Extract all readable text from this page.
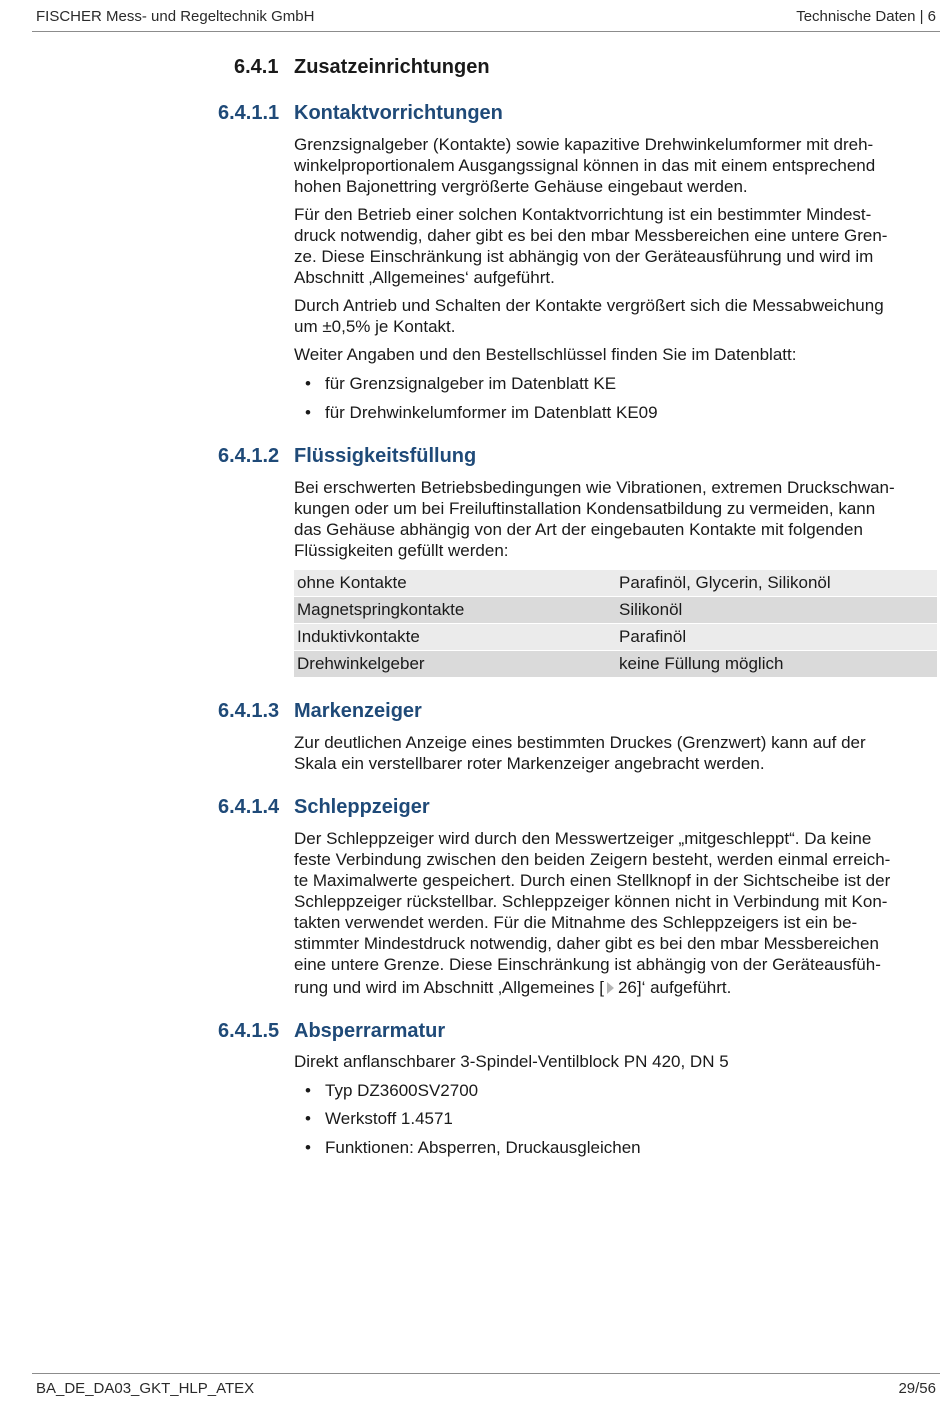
FISCHER Mess- und Regeltechnik GmbH	Technische Daten | 6
6.4.1 Zusatzeinrichtungen
6.4.1.1 Kontaktvorrichtungen
Grenzsignalgeber (Kontakte) sowie kapazitive Drehwinkelumformer mit dreh-
winkelproportionalem Ausgangssignal können in das mit einem entsprechend
hohen Bajonettring vergrößerte Gehäuse eingebaut werden.
Für den Betrieb einer solchen Kontaktvorrichtung ist ein bestimmter Mindest-
druck notwendig, daher gibt es bei den mbar Messbereichen eine untere Gren-
ze. Diese Einschränkung ist abhängig von der Geräteausführung und wird im
Abschnitt ‚Allgemeines‘ aufgeführt.
Durch Antrieb und Schalten der Kontakte vergrößert sich die Messabweichung
um ±0,5% je Kontakt.
Weiter Angaben und den Bestellschlüssel finden Sie im Datenblatt:
• für Grenzsignalgeber im Datenblatt KE
• für Drehwinkelumformer im Datenblatt KE09
6.4.1.2 Flüssigkeitsfüllung
Bei erschwerten Betriebsbedingungen wie Vibrationen, extremen Druckschwan-
kungen oder um bei Freiluftinstallation Kondensatbildung zu vermeiden, kann
das Gehäuse abhängig von der Art der eingebauten Kontakte mit folgenden
Flüssigkeiten gefüllt werden:
ohne Kontakte	Parafinöl, Glycerin, Silikonöl
Magnetspringkontakte	Silikonöl
Induktivkontakte	Parafinöl
Drehwinkelgeber	keine Füllung möglich
6.4.1.3 Markenzeiger
Zur deutlichen Anzeige eines bestimmten Druckes (Grenzwert) kann auf der
Skala ein verstellbarer roter Markenzeiger angebracht werden.
6.4.1.4 Schleppzeiger
Der Schleppzeiger wird durch den Messwertzeiger „mitgeschleppt“. Da keine
feste Verbindung zwischen den beiden Zeigern besteht, werden einmal erreich-
te Maximalwerte gespeichert. Durch einen Stellknopf in der Sichtscheibe ist der
Schleppzeiger rückstellbar. Schleppzeiger können nicht in Verbindung mit Kon-
takten verwendet werden. Für die Mitnahme des Schleppzeigers ist ein be-
stimmter Mindestdruck notwendig, daher gibt es bei den mbar Messbereichen
eine untere Grenze. Diese Einschränkung ist abhängig von der Geräteausfüh-
rung und wird im Abschnitt ‚Allgemeines [ 26]‘ aufgeführt.
6.4.1.5 Absperrarmatur
Direkt anflanschbarer 3-Spindel-Ventilblock PN 420, DN 5
• Typ DZ3600SV2700
• Werkstoff 1.4571
• Funktionen: Absperren, Druckausgleichen
BA_DE_DA03_GKT_HLP_ATEX	29/56
